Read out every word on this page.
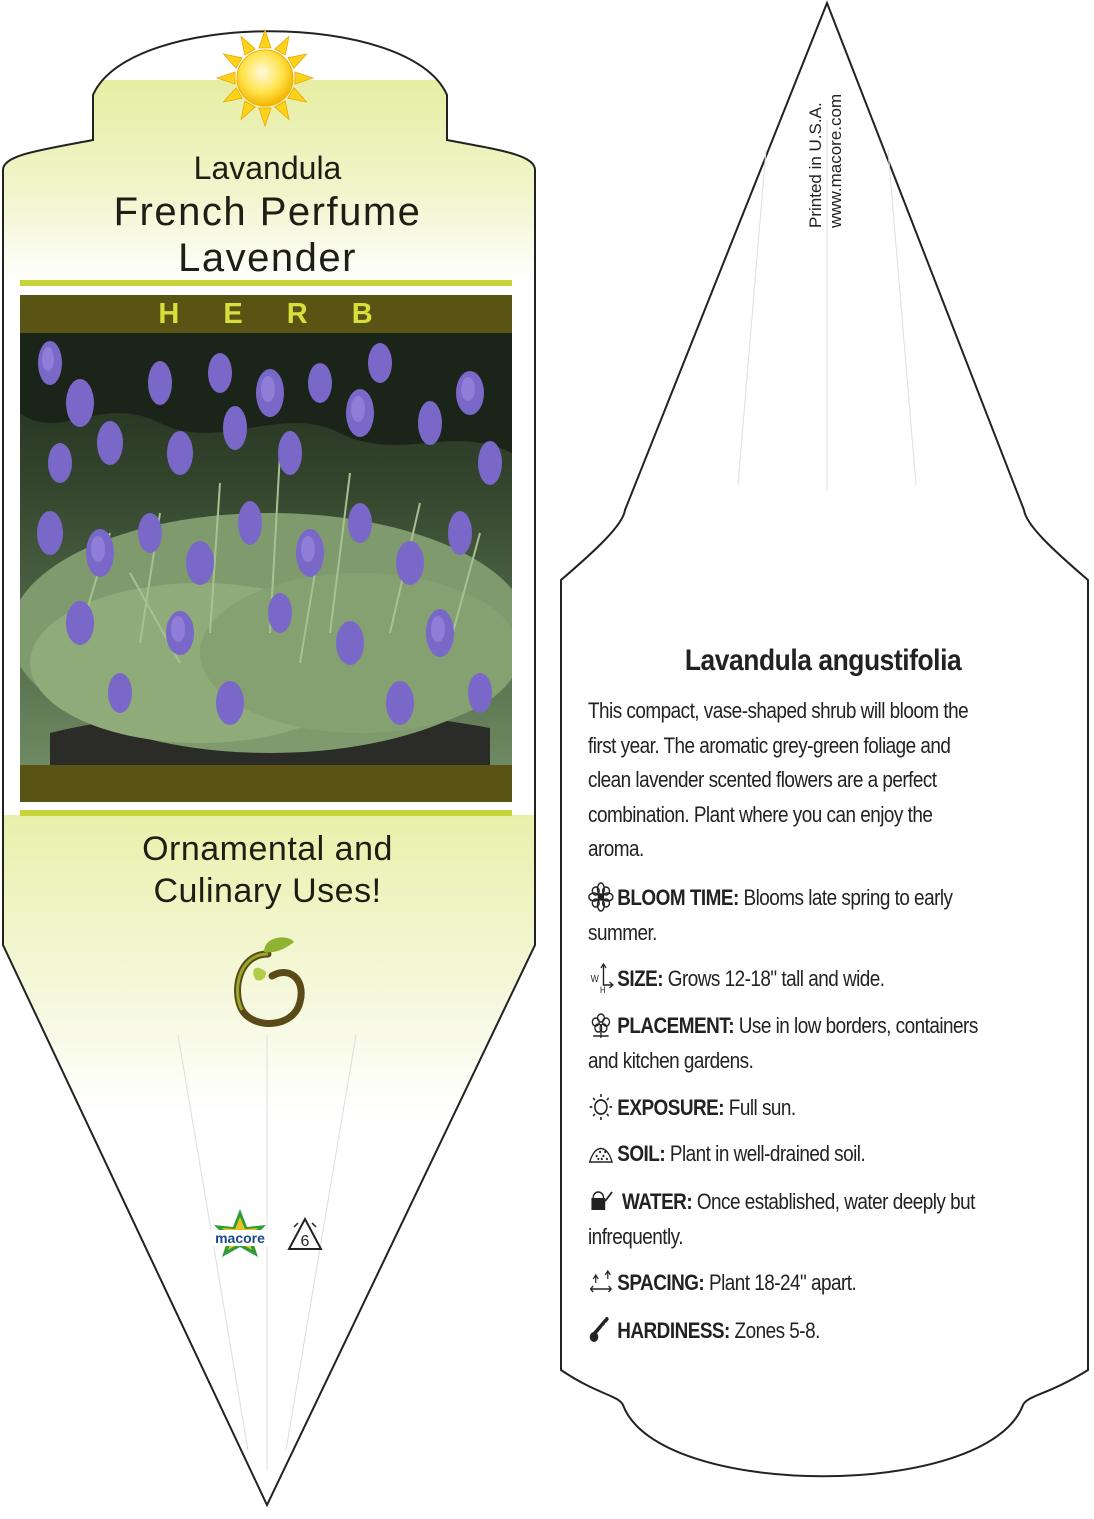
Lavandula
French Perfume
Lavender
H E R B
Ornamental and
Culinary Uses!
macore 6
Printed in U.S.A. www.macore.com
Lavandula angustifolia
This compact, vase-shaped shrub will bloom the
first year. The aromatic grey-green foliage and
clean lavender scented flowers are a perfect
combination. Plant where you can enjoy the
aroma.
BLOOM TIME: Blooms late spring to early
summer.
W
H SIZE: Grows 12-18" tall and wide.
PLACEMENT: Use in low borders, containers
and kitchen gardens.
EXPOSURE: Full sun.
SOIL: Plant in well-drained soil.
WATER: Once established, water deeply but
infrequently.
SPACING: Plant 18-24" apart.
HARDINESS: Zones 5-8.
